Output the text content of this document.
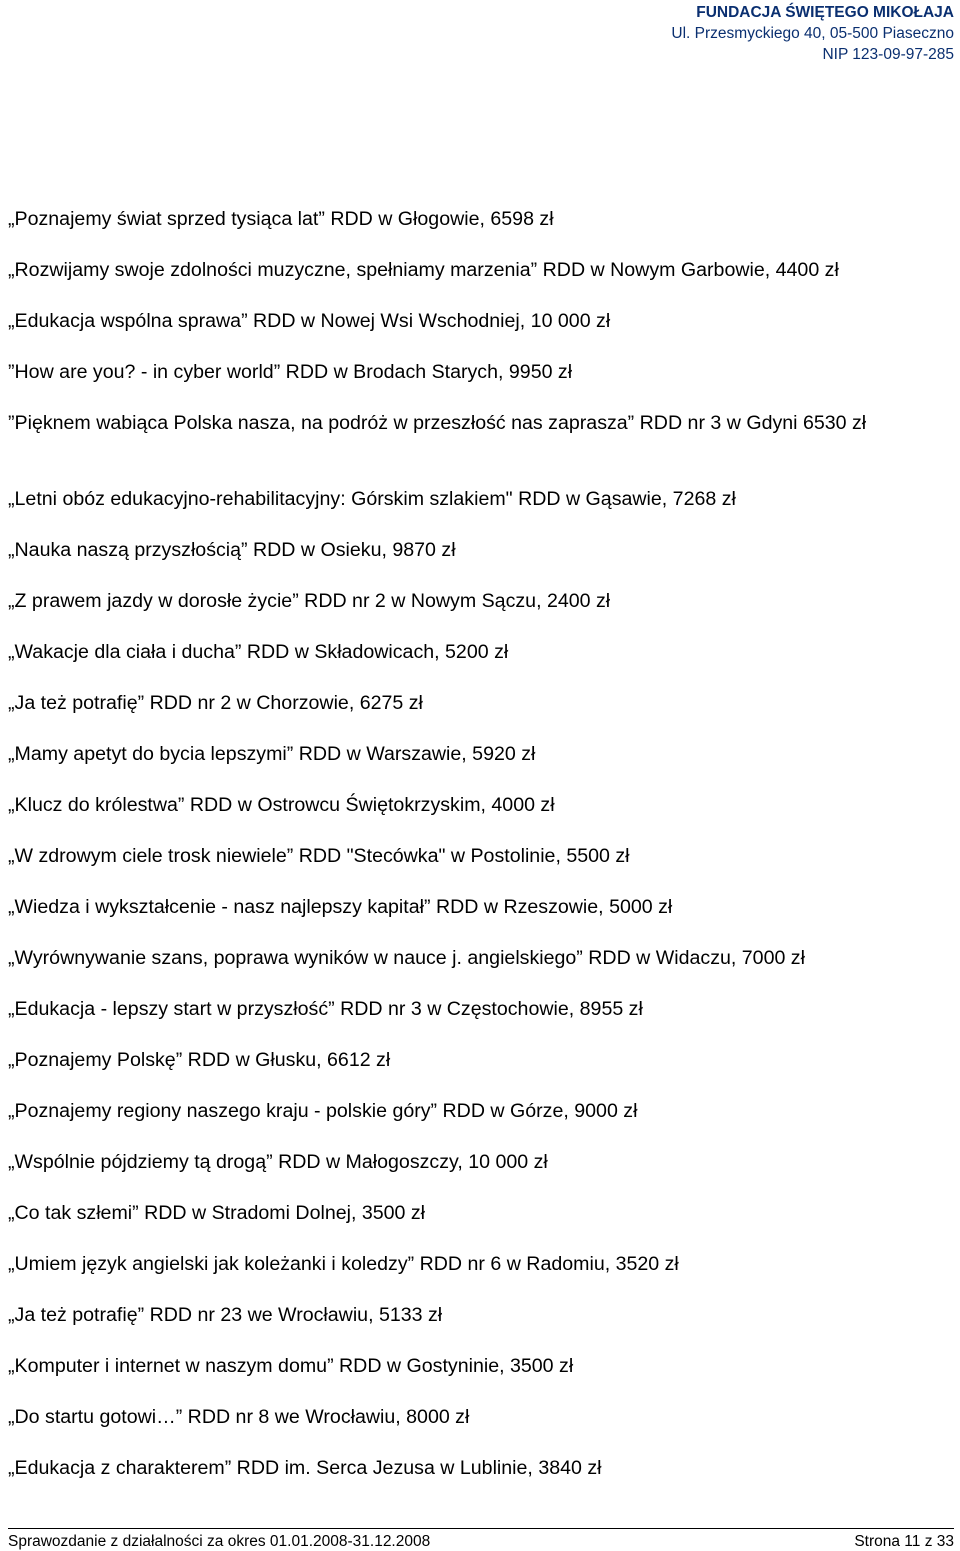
FUNDACJA ŚWIĘTEGO MIKOŁAJA
Ul. Przesmyckiego 40, 05-500 Piaseczno
NIP 123-09-97-285
„Poznajemy świat sprzed tysiąca lat” RDD w Głogowie, 6598 zł
„Rozwijamy swoje zdolności muzyczne, spełniamy marzenia” RDD w Nowym Garbowie, 4400 zł
„Edukacja wspólna sprawa” RDD w Nowej Wsi Wschodniej, 10 000 zł
”How are you? - in cyber world” RDD w Brodach Starych, 9950 zł
”Pięknem wabiąca Polska nasza, na podróż w przeszłość nas zaprasza” RDD nr 3 w Gdyni 6530 zł
„Letni obóz edukacyjno-rehabilitacyjny: Górskim szlakiem" RDD w Gąsawie, 7268 zł
„Nauka naszą przyszłością” RDD w Osieku, 9870 zł
„Z prawem jazdy w dorosłe życie” RDD nr 2 w Nowym Sączu, 2400 zł
„Wakacje dla ciała i ducha” RDD w Składowicach, 5200 zł
„Ja też potrafię” RDD nr 2 w Chorzowie, 6275 zł
„Mamy apetyt do bycia lepszymi” RDD w Warszawie, 5920 zł
„Klucz do królestwa” RDD w Ostrowcu Świętokrzyskim, 4000 zł
„W zdrowym ciele trosk niewiele” RDD "Stecówka" w Postolinie, 5500 zł
„Wiedza i wykształcenie - nasz najlepszy kapitał” RDD w Rzeszowie, 5000 zł
„Wyrównywanie szans, poprawa wyników w nauce j. angielskiego” RDD w Widaczu, 7000 zł
„Edukacja - lepszy start w przyszłość” RDD nr 3 w Częstochowie, 8955 zł
„Poznajemy Polskę” RDD w Głusku, 6612 zł
„Poznajemy regiony naszego kraju - polskie góry” RDD w Górze, 9000 zł
„Wspólnie pójdziemy tą drogą” RDD w Małogoszczy, 10 000 zł
„Co tak szłemi” RDD w Stradomi Dolnej, 3500 zł
„Umiem język angielski jak koleżanki i koledzy” RDD nr 6 w Radomiu, 3520 zł
„Ja też potrafię” RDD nr 23 we Wrocławiu, 5133 zł
„Komputer i internet w naszym domu” RDD w Gostyninie, 3500 zł
„Do startu gotowi…” RDD nr 8 we Wrocławiu, 8000 zł
„Edukacja z charakterem” RDD im. Serca Jezusa w Lublinie, 3840 zł
Sprawozdanie z działalności za okres 01.01.2008-31.12.2008	Strona 11 z 33
